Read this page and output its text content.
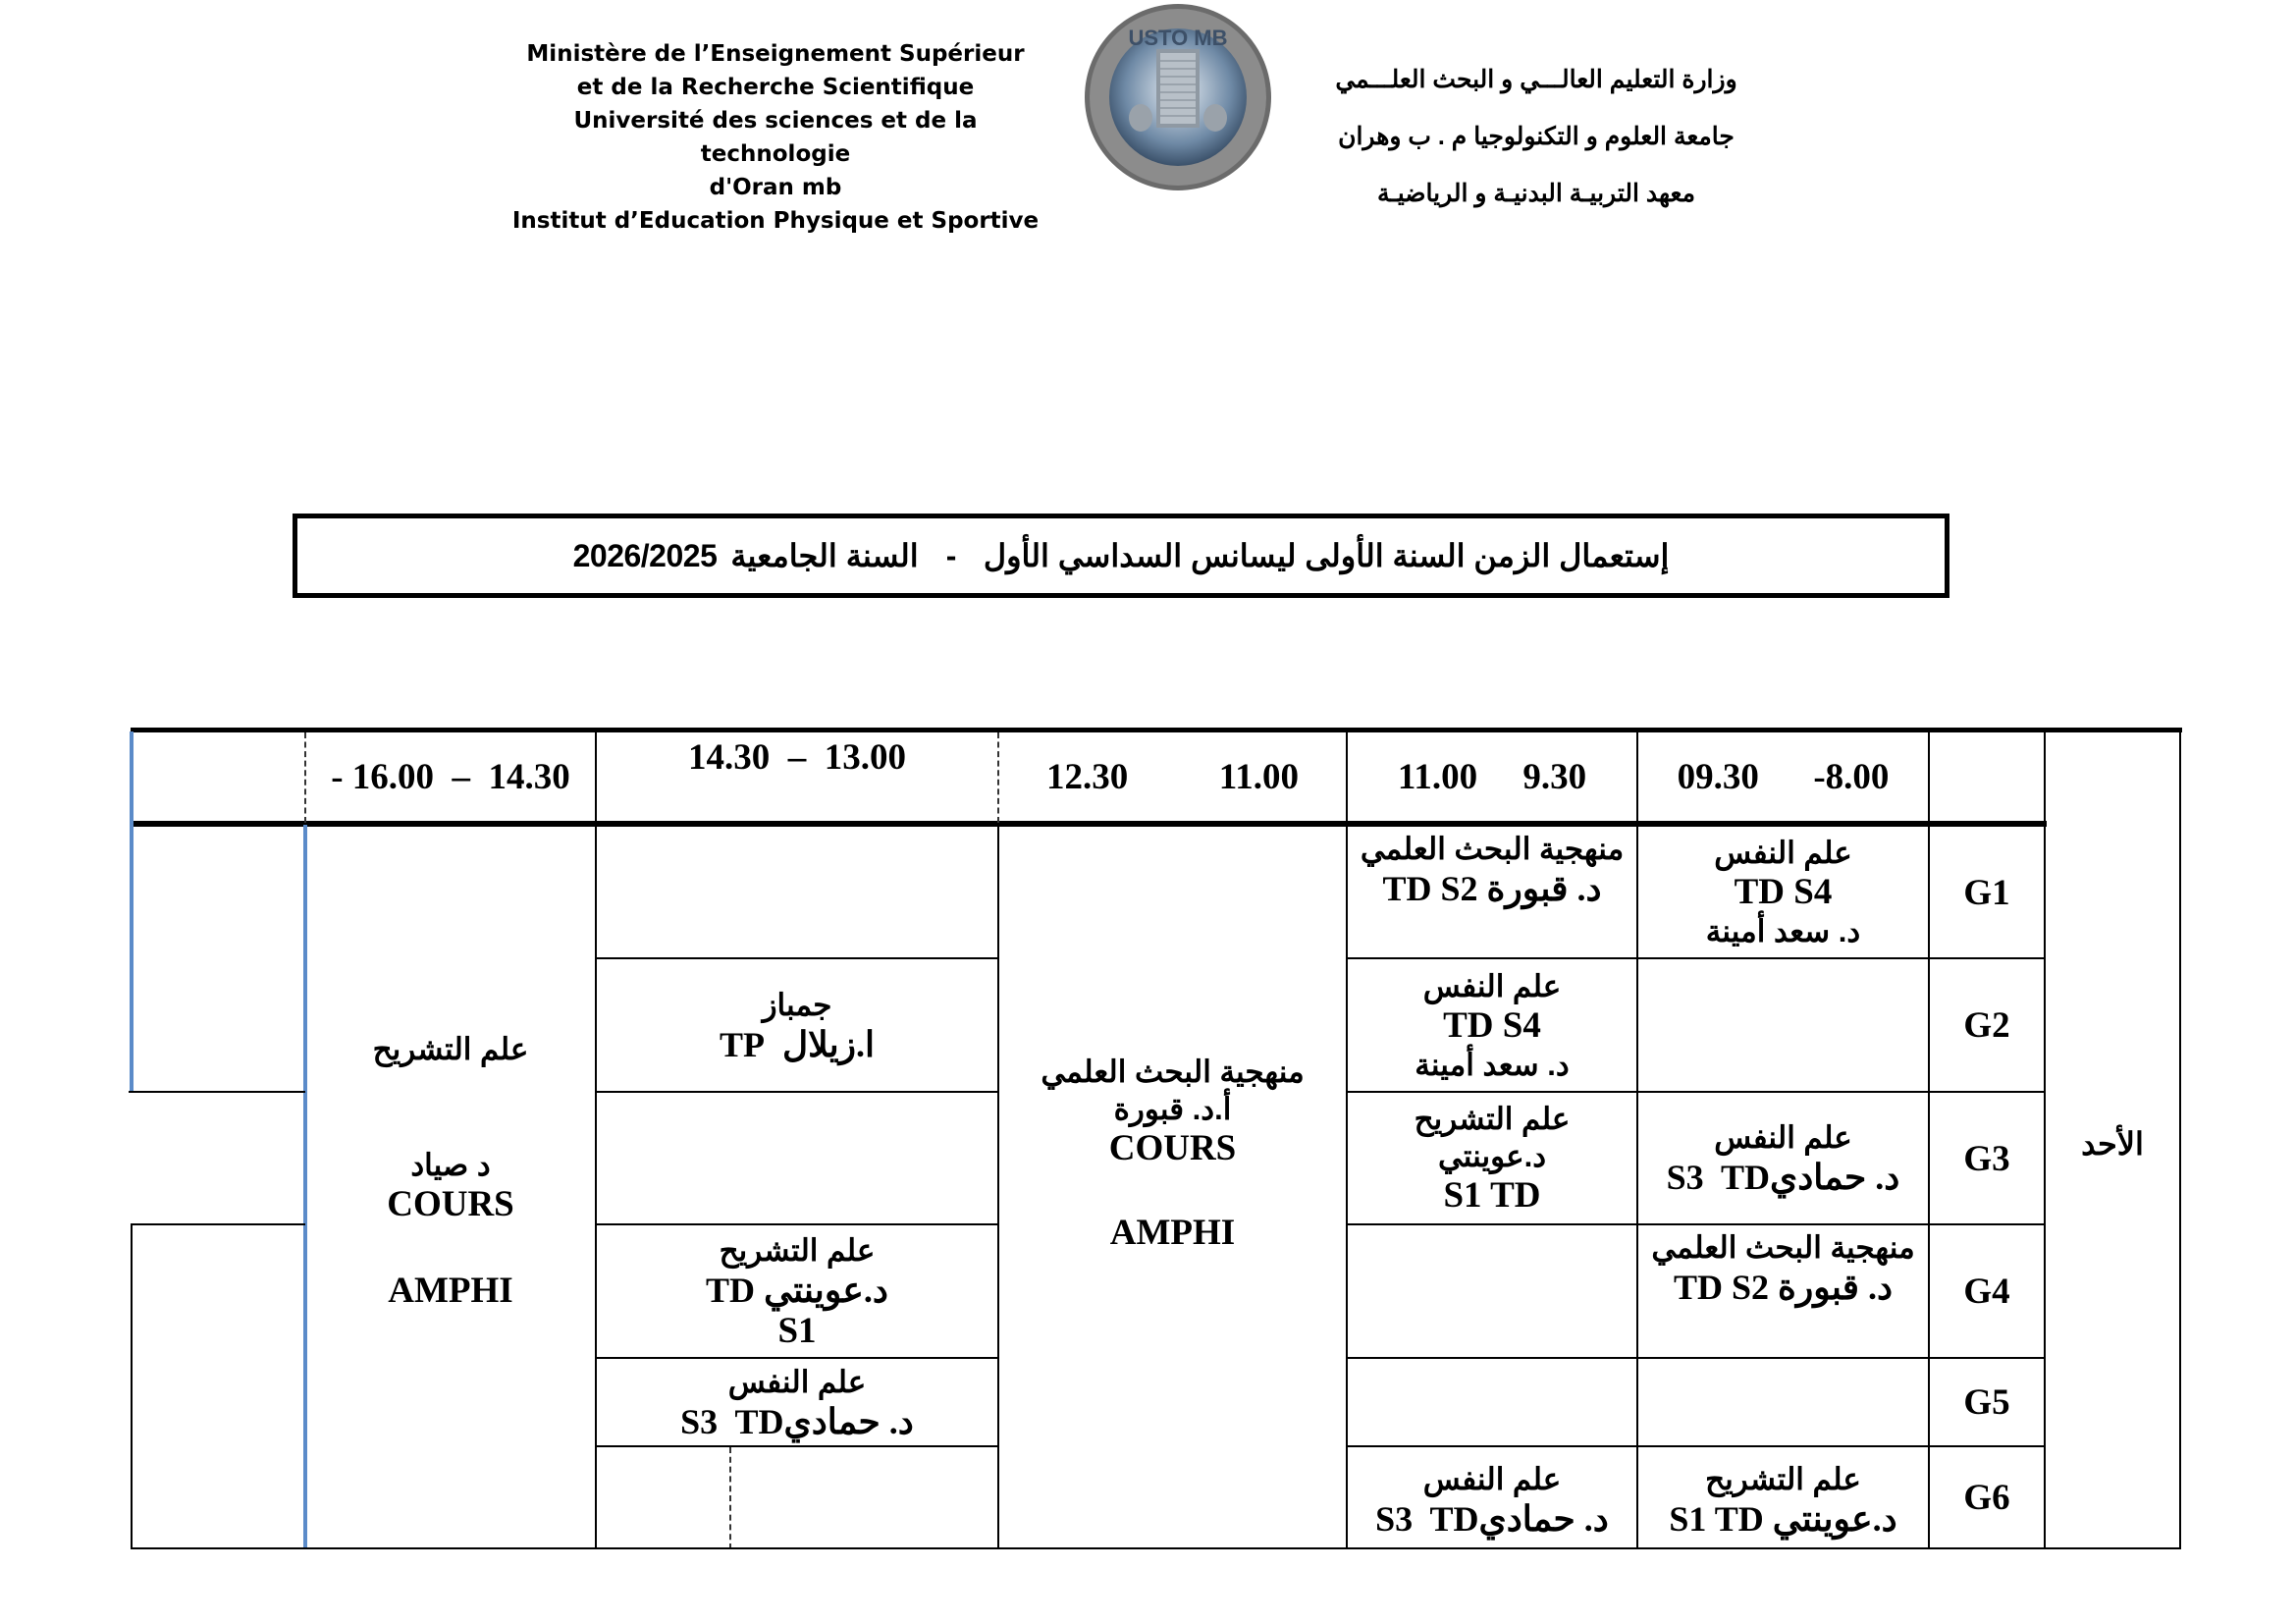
Ministère de l’Enseignement Supérieur
et de la Recherche Scientifique
Université des sciences et de la technologie
d'Oran mb
Institut d’Education Physique et Sportive
USTO MB
وزارة التعليم العالـــي و البحث العلـــمي
جامعة العلوم و التكنولوجيا م . ب وهران
معهد التربيـة البدنيـة و الرياضيـة
إستعمال الزمن السنة الأولى ليسانس السداسي الأول
-
السنة الجامعية
2026/2025
09.30      -8.00
11.00     9.30
12.30          11.00
14.30  –  13.00
- 16.00  –  14.30
الأحد
G1
G2
G3
G4
G5
G6
علم النفس
TD S4
د. سعد أمينة
علم النفس
د. حماديS3  TD
منهجية البحث العلمي
د. قبورة TD S2
علم التشريح
د.عوينتي S1 TD
منهجية البحث العلمي
د. قبورة TD S2
علم النفس
TD S4
د. سعد أمينة
علم التشريح
د.عوينتي
S1 TD
علم النفس
د. حماديS3  TD
منهجية البحث العلمي
أ.د. قبورة
COURS
AMPHI
جمباز
ا.زيلال  TP
علم التشريح
د.عوينتي TD
S1
علم النفس
د. حماديS3  TD
علم التشريح
د صياد
COURS
AMPHI
